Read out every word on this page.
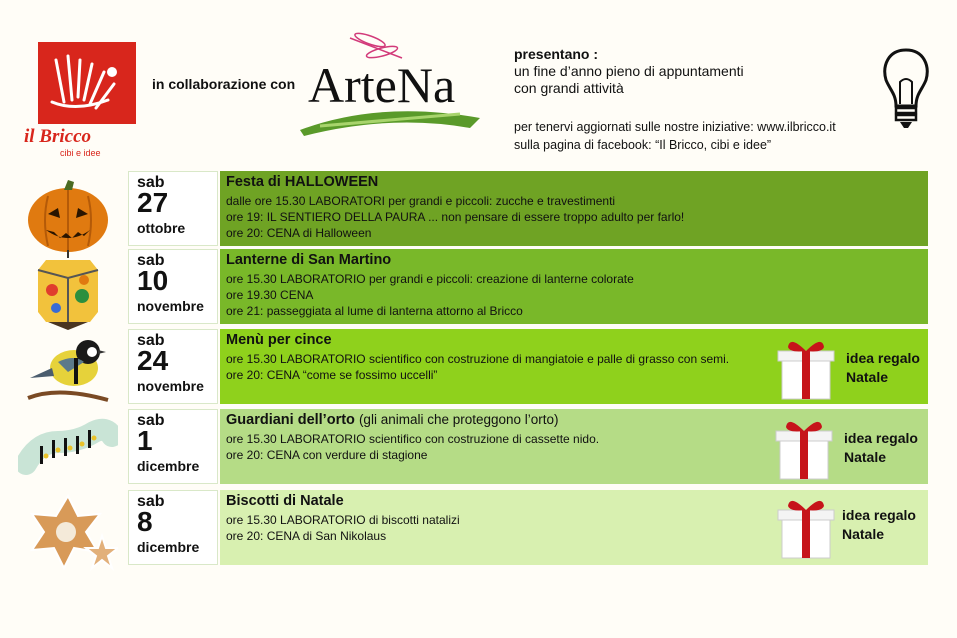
il Bricco
cibi e idee
in collaborazione con ArteNa
presentano :
un fine d’anno pieno di appuntamenti
con grandi attività
per tenervi aggiornati sulle nostre iniziative: www.ilbricco.it
sulla pagina di facebook: “Il Bricco, cibi e idee”
sab
27
ottobre
Festa di HALLOWEEN
dalle ore 15.30 LABORATORI per grandi e piccoli: zucche e travestimenti
ore 19: IL SENTIERO DELLA PAURA ... non pensare di essere troppo adulto per farlo!
ore 20: CENA di Halloween
sab
10
novembre
Lanterne di San Martino
ore 15.30 LABORATORIO per grandi e piccoli: creazione di lanterne colorate
ore 19.30 CENA
ore 21: passeggiata al lume di lanterna attorno al Bricco
sab
24
novembre
Menù per cince
ore 15.30 LABORATORIO scientifico con costruzione di mangiatoie e palle di grasso con semi.
ore 20: CENA “come se fossimo uccelli”
idea regalo
Natale
sab
1
dicembre
Guardiani dell’orto (gli animali che proteggono l’orto)
ore 15.30 LABORATORIO scientifico con costruzione di cassette nido.
ore 20: CENA con verdure di stagione
idea regalo
Natale
sab
8
dicembre
Biscotti di Natale
ore 15.30 LABORATORIO di biscotti natalizi
ore 20: CENA di San Nikolaus
idea regalo
Natale
